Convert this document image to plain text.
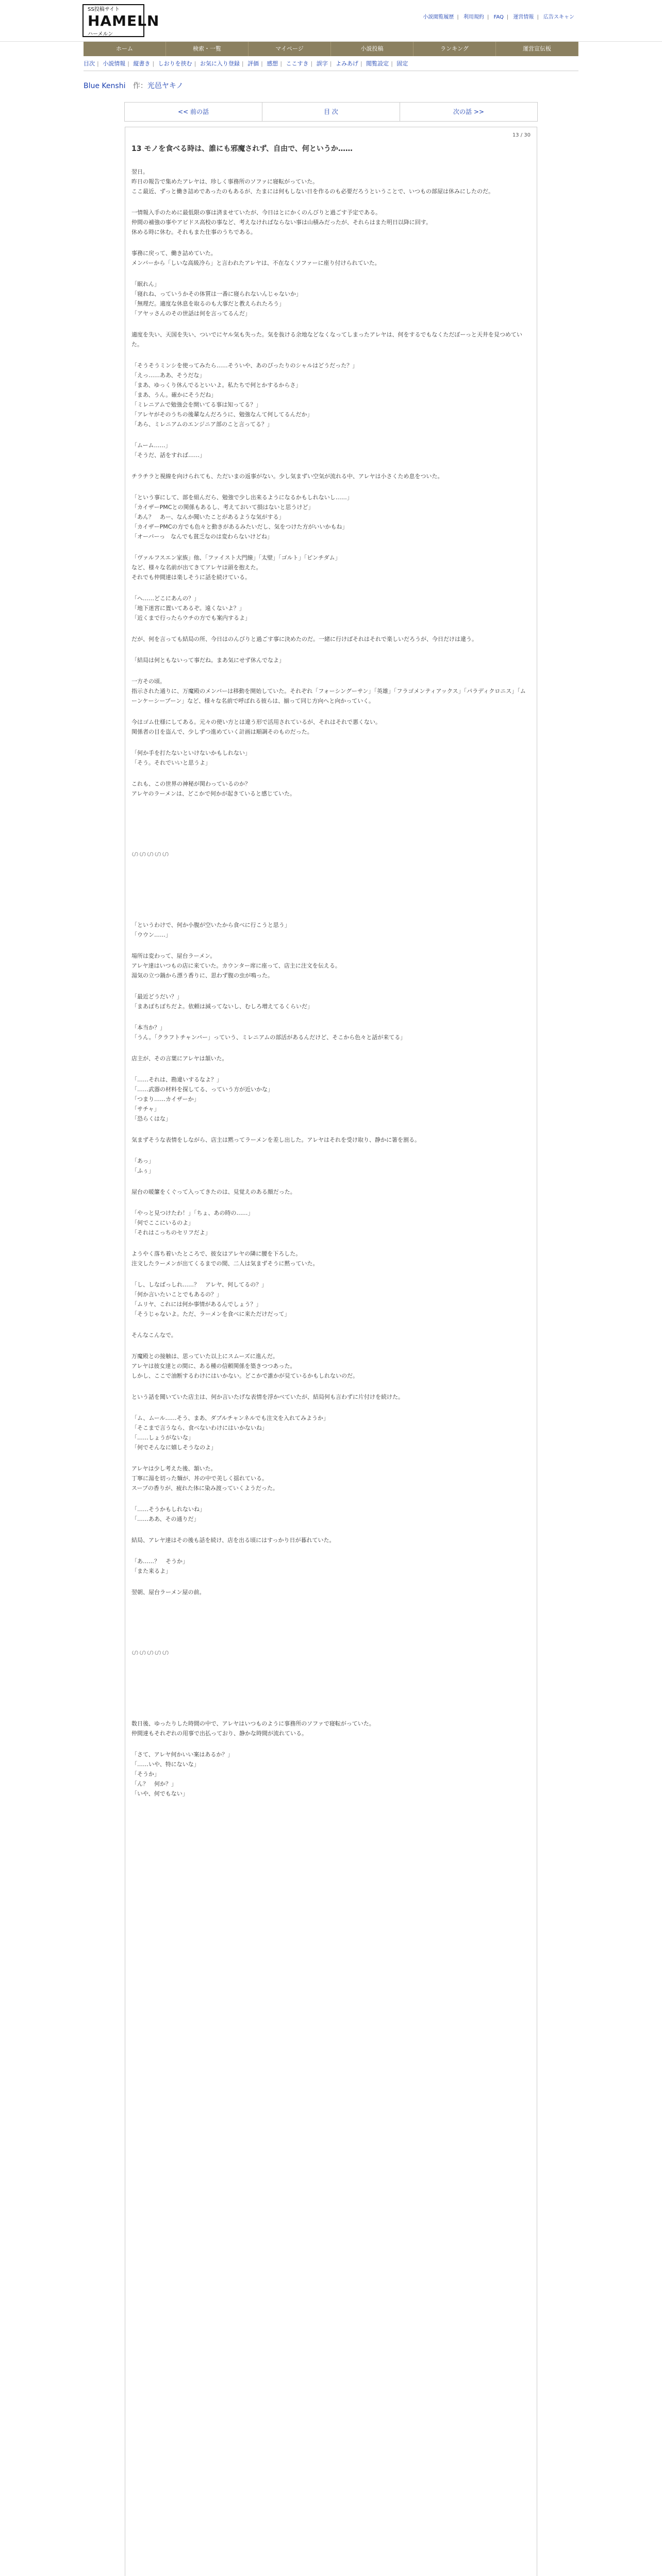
SS投稿サイト
HAMELN
ハーメルン
小説閲覧履歴 | 利用規約 | FAQ | 運営情報 | 広告スキャン
ホーム	検索・一覧	マイページ	小説投稿	ランキング	運営宣伝板
目次 | 小説情報 | 縦書き | しおりを挟む | お気に入り登録 | 評価 | 感想 | ここすき | 誤字 | よみあげ | 閲覧設定 | 固定
Blue Kenshi 作：光邑ヤキノ
<< 前の話	目 次	次の話 >>
13 / 30
13 モノを食べる時は、誰にも邪魔されず、自由で、何というか……
翌日。
昨日の報告で集めたアレヤは、珍しく事務所のソファに寝転がっていた。
ここ最近、ずっと働き詰めであったのもあるが、たまには何もしない日を作るのも必要だろうということで、いつもの部屋は休みにしたのだ。
一情報入手のために最低限の事は済ませていたが、今日はとにかくのんびりと過ごす予定である。
仲間の補強の事やアビドス高校の事など、考えなければならない事は山積みだったが、それらはまた明日以降に回す。
休める時に休む。それもまた仕事のうちである。
事務に戻って、働き詰めていた。
メンバーから「しいな高級冷ら」と言われたアレヤは、不在なくソファーに座り付けられていた。
「眠れん」
「寝れね、っていうかその体質は一番に寝られないんじゃないか」
「無理だ。適度な休息を取るのも大事だと教えられたろう」
「アヤッさんのその世話は何を言ってるんだ」
適度を失い、天国を失い、ついでにヤル気も失った。気を抜ける余地などなくなってしまったアレヤは、何をするでもなくただぼーっと天井を見つめていた。
「そうそうミンシを使ってみたら……そういや、あのぴったりのシャルはどうだった？」
「えっ……ああ、そうだな」
「まあ、ゆっくり休んでるといいよ。私たちで何とかするからさ」
「まあ、うん。確かにそうだね」
「ミレニアムで勉強会を開いてる事は知ってる？」
「アレヤがそのうちの後輩なんだろうに、勉強なんて何してるんだか」
「あら、ミレニアムのエンジニア部のこと言ってる？」
「ムーム……」
「そうだ、話をすれば……」
チラチラと視線を向けられても、ただいまの返事がない。少し気まずい空気が流れる中、アレヤは小さくため息をついた。
「という事にして、部を組んだら、勉強で少し出来るようになるかもしれないし……」
「カイザーPMCとの関係もあるし、考えておいて損はないと思うけど」
「あん？　あー、なんか聞いたことがあるような気がする」
「カイザーPMCの方でも色々と動きがあるみたいだし、気をつけた方がいいかもね」
「オーバーっ　なんでも貧乏なのは変わらないけどね」
「ヴァルフスエン家族」他、「ファイスト大門線」「太壁」「ゴルト」「ピンチダム」
など、様々な名前が出てきてアレヤは頭を抱えた。
それでも仲間達は楽しそうに話を続けている。
「へ……どこにあんの？」
「地下迷宮に置いてあるぞ。遠くないよ？」
「近くまで行ったらウチの方でも案内するよ」
だが、何を言っても結局の所、今日はのんびりと過ごす事に決めたのだ。一緒に行けばそれはそれで楽しいだろうが、今日だけは違う。
「結局は何ともないって事だね。まあ気にせず休んでなよ」
一方その頃。
指示された通りに、万魔殿のメンバーは移動を開始していた。それぞれ「フォーシングーサン」「英雄」「フラゴメンティアックス」「パラディクロニス」「ムーンケーシープーン」など、様々な名前で呼ばれる彼らは、揃って同じ方向へと向かっていく。
今はゴム仕様にしてある。元々の使い方とは違う形で活用されているが、それはそれで悪くない。
関係者の目を盗んで、少しずつ進めていく計画は順調そのものだった。
「何か手を打たないといけないかもしれない」
「そう。それでいいと思うよ」
これも、この世界の神秘が関わっているのか？
アレヤのラーメンは、どこかで何かが起きていると感じていた。
ഗഗഗഗഗ
「というわけで、何か小腹が空いたから食べに行こうと思う」
「ウウン……」
場所は変わって、屋台ラーメン。
アレヤ達はいつもの店に来ていた。カウンター席に座って、店主に注文を伝える。
湯気の立つ鍋から漂う香りに、思わず腹の虫が鳴った。
「最近どうだい？」
「まあぼちぼちだよ。依頼は減ってないし、むしろ増えてるくらいだ」
「本当か？」
「うん。「クラフトチャンバー」っていう、ミレニアムの部活があるんだけど、そこから色々と話が来てる」
店主が、その言葉にアレヤは頷いた。
「……それは、勘違いするなよ？」
「……武器の材料を探してる、っていう方が近いかな」
「つまり……カイザーか」
「サチャ」
「恐らくはな」
気まずそうな表情をしながら、店主は黙ってラーメンを差し出した。アレヤはそれを受け取り、静かに箸を割る。
「あっ」
「ふぅ」
屋台の暖簾をくぐって入ってきたのは、見覚えのある顔だった。
「やっと見つけたわ！」「ちょ、あの時の……」
「何でここにいるのよ」
「それはこっちのセリフだよ」
ようやく落ち着いたところで、彼女はアレヤの隣に腰を下ろした。
注文したラーメンが出てくるまでの間、二人は気まずそうに黙っていた。
「し、しなばっしれ……？　アレヤ、何してるの？」
「何か言いたいことでもあるの？」
「ムリヤ、これには何か事情があるんでしょう？」
「そうじゃないよ。ただ、ラーメンを食べに来ただけだって」
そんなこんなで。
万魔殿との接触は、思っていた以上にスムーズに進んだ。
アレヤは彼女達との間に、ある種の信頼関係を築きつつあった。
しかし、ここで油断するわけにはいかない。どこかで誰かが見ているかもしれないのだ。
という話を聞いていた店主は、何か言いたげな表情を浮かべていたが、結局何も言わずに片付けを続けた。
「ム、ムール……そう、まあ、ダブルチャンネルでも注文を入れてみようか」
「そこまで言うなら、食べないわけにはいかないね」
「……しょうがないな」
「何でそんなに嬉しそうなのよ」
アレヤは少し考えた後、頷いた。
丁寧に湯を切った麺が、丼の中で美しく揺れている。
スープの香りが、疲れた体に染み渡っていくようだった。
「……そうかもしれないね」
「……ああ、その通りだ」
結局、アレヤ達はその後も話を続け、店を出る頃にはすっかり日が暮れていた。
「あ……？　そうか」
「また来るよ」
翌朝、屋台ラーメン屋の前。
ഗഗഗഗഗ
数日後、ゆったりした時間の中で、アレヤはいつものように事務所のソファで寝転がっていた。
仲間達もそれぞれの用事で出払っており、静かな時間が流れている。
「さて、アレヤ何かいい案はあるか？」
「……いや、特にないな」
「そうか」
「ん？　何か？」
「いや、何でもない」
